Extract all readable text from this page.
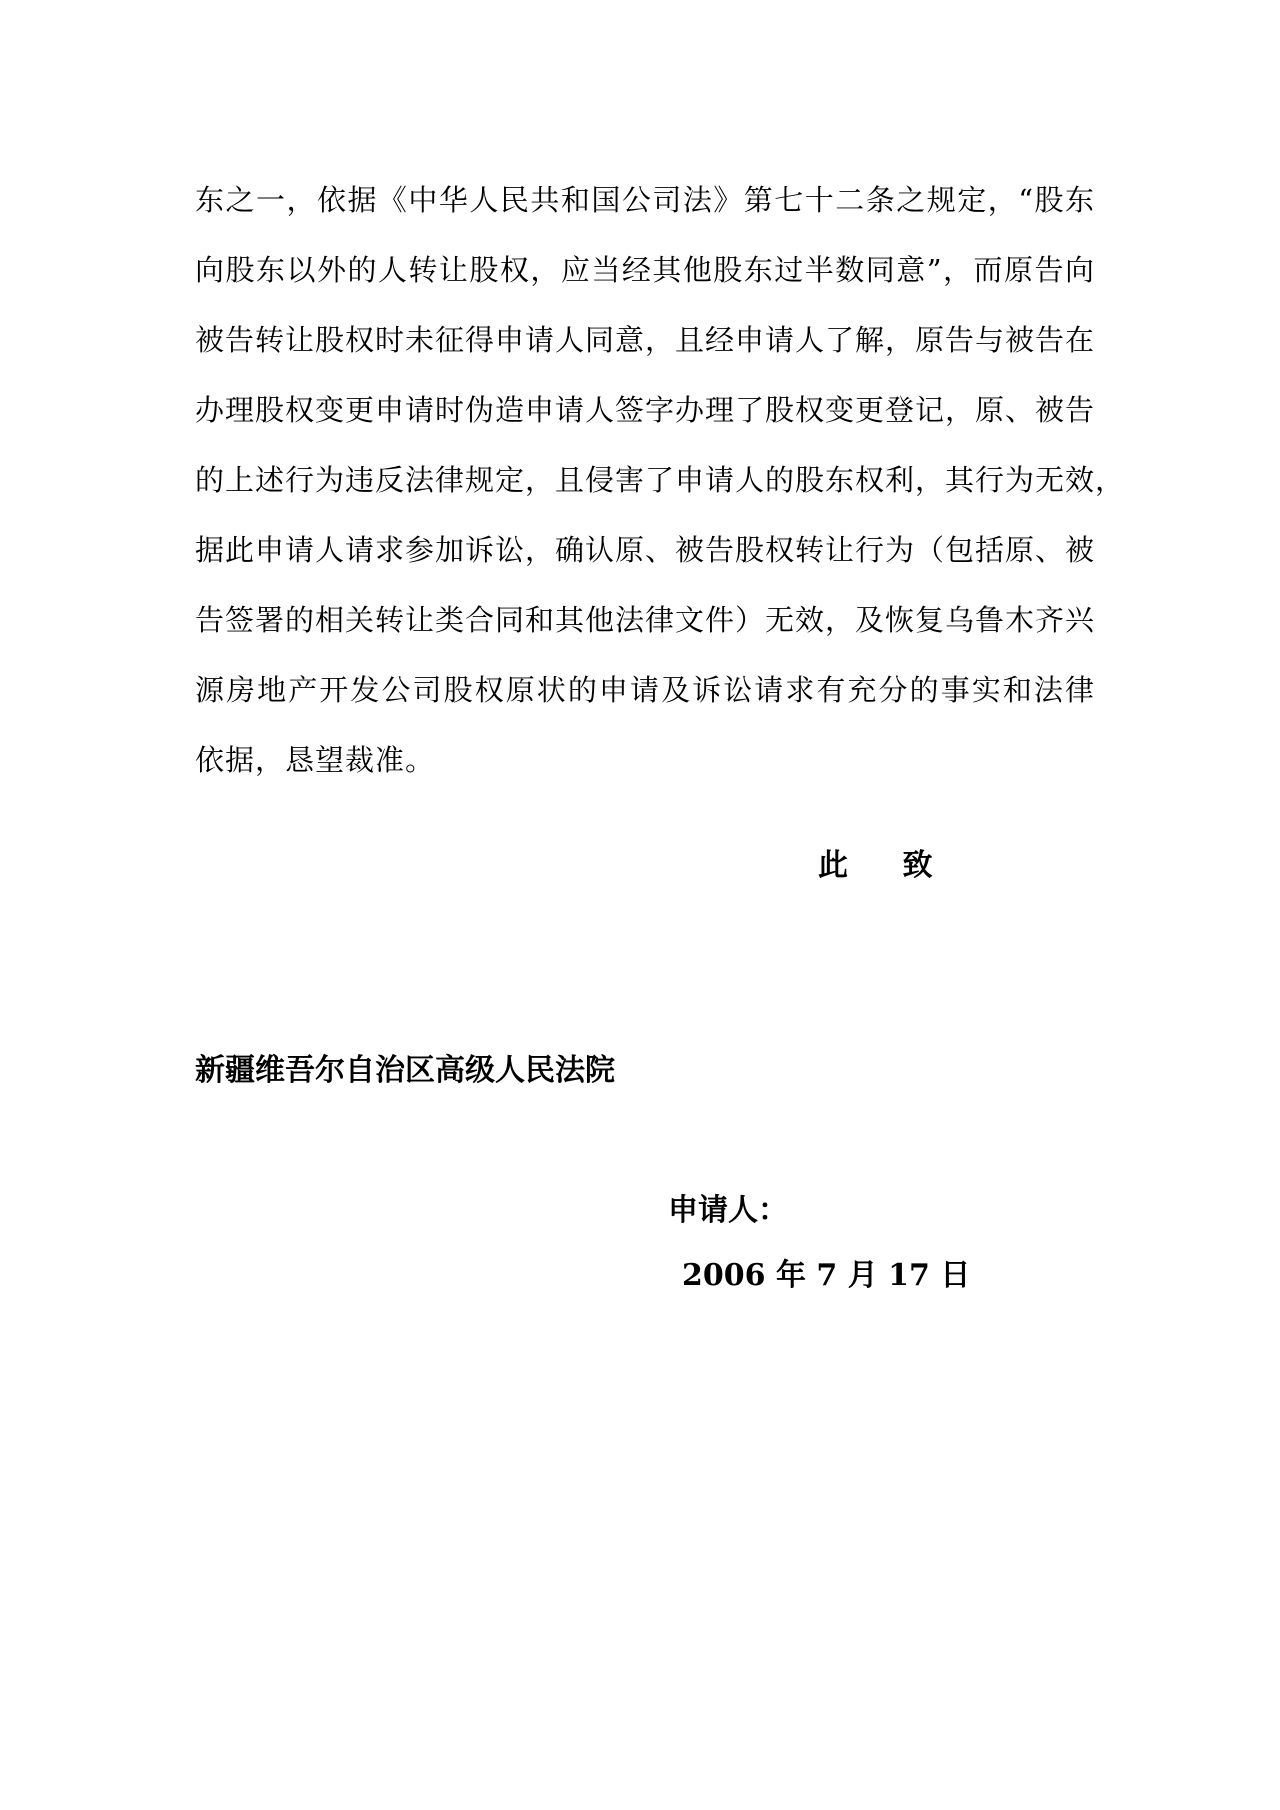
东之一，依据《中华人民共和国公司法》第七十二条之规定，“股东
向股东以外的人转让股权，应当经其他股东过半数同意”，而原告向
被告转让股权时未征得申请人同意，且经申请人了解，原告与被告在
办理股权变更申请时伪造申请人签字办理了股权变更登记，原、被告
的上述行为违反法律规定，且侵害了申请人的股东权利，其行为无效，
据此申请人请求参加诉讼，确认原、被告股权转让行为（包括原、被
告签署的相关转让类合同和其他法律文件）无效，及恢复乌鲁木齐兴
源房地产开发公司股权原状的申请及诉讼请求有充分的事实和法律
依据，恳望裁准。
此 致
新疆维吾尔自治区高级人民法院
申请人：
2006 年 7 月 17 日
